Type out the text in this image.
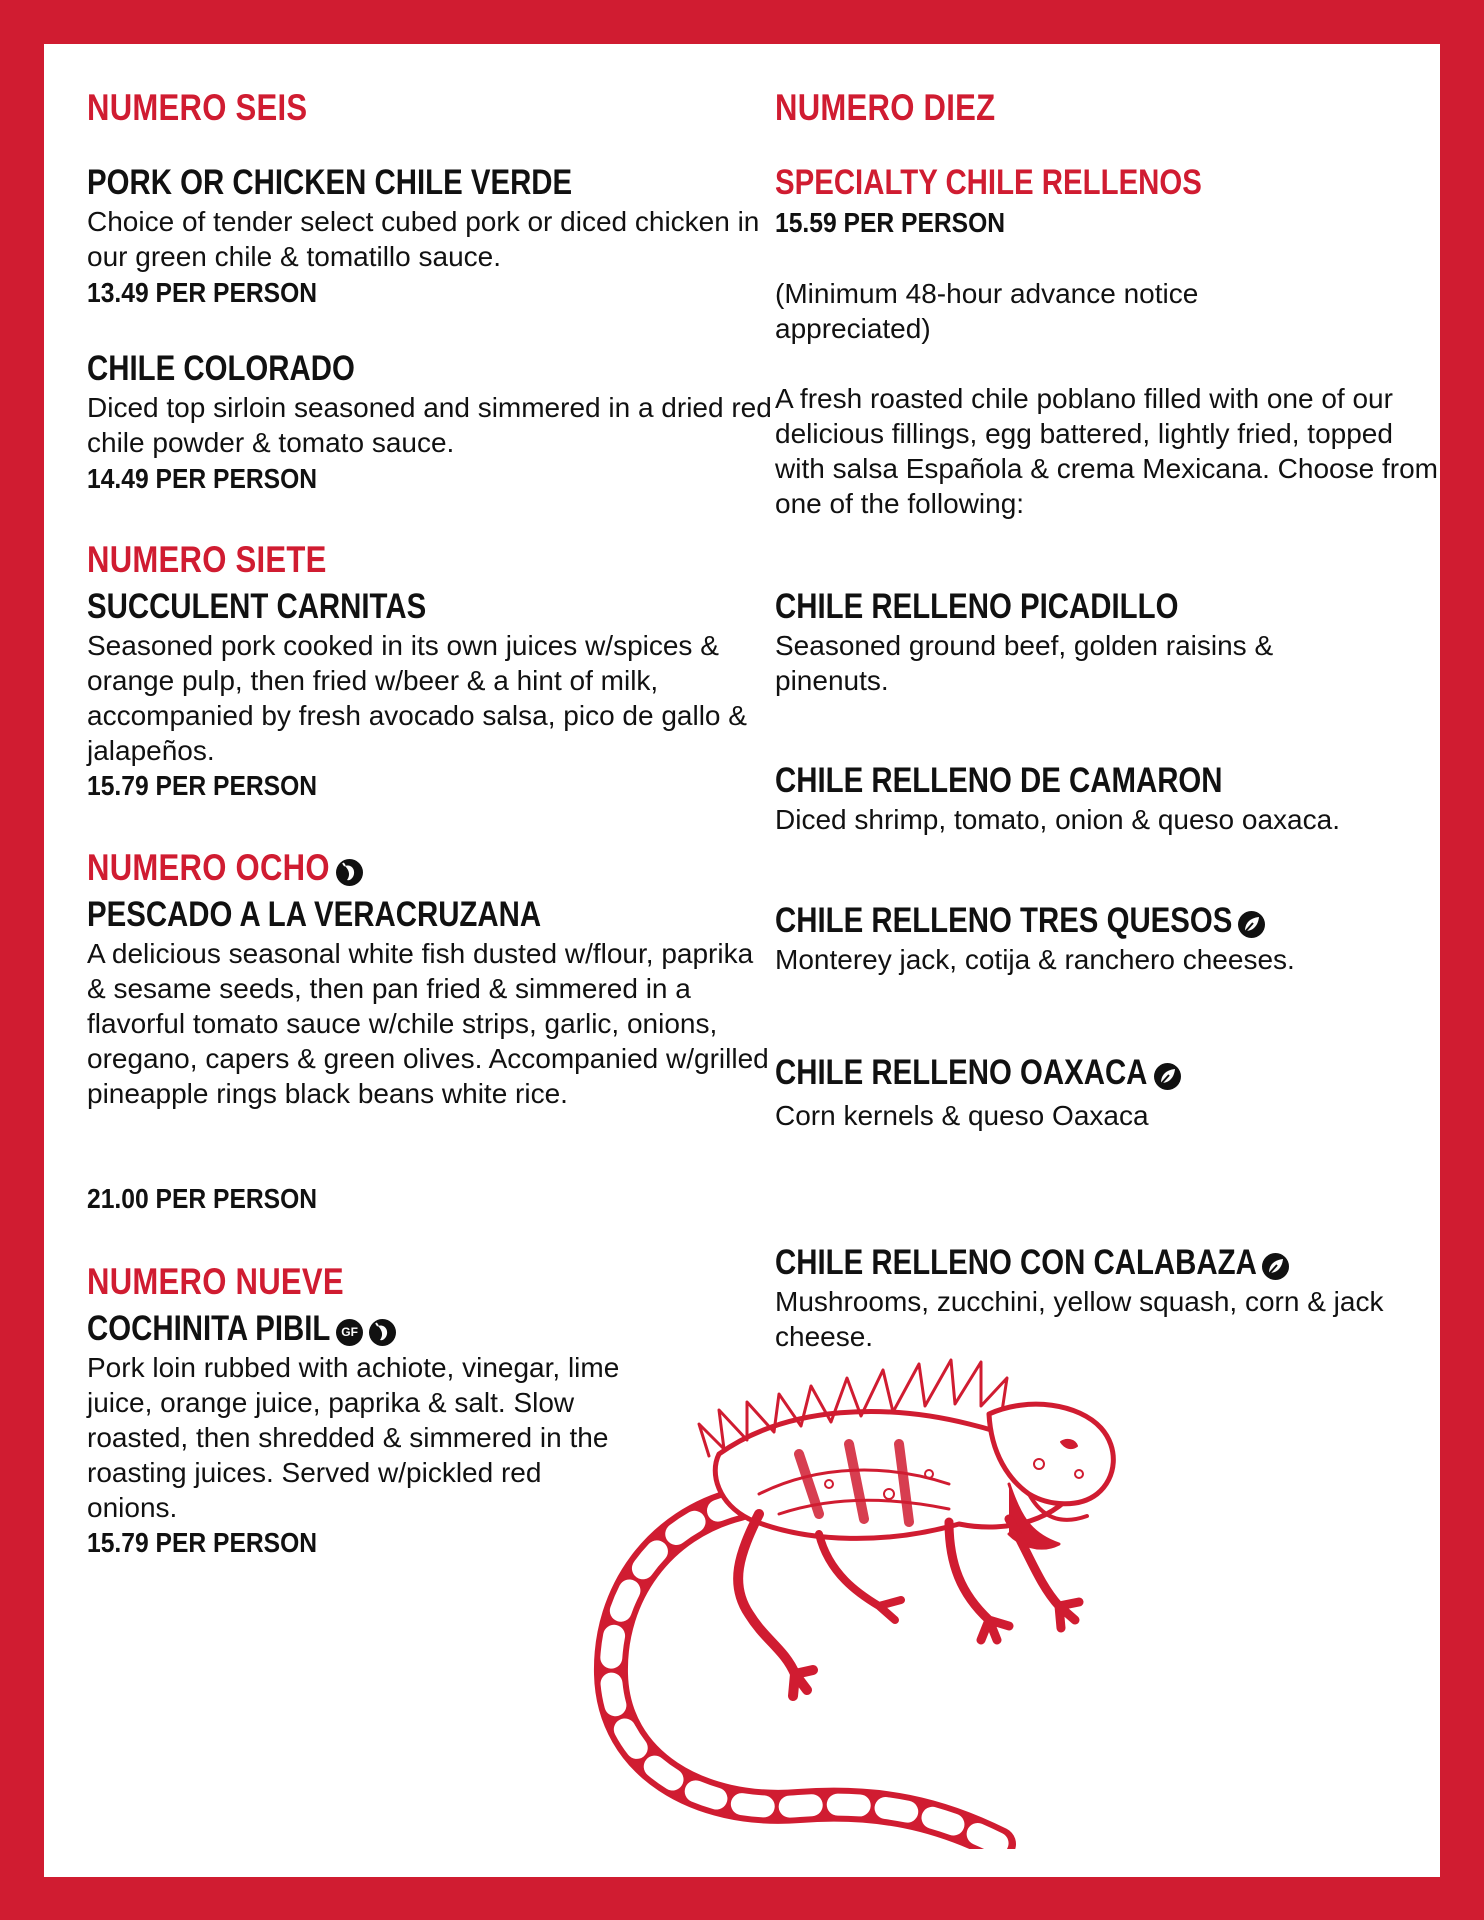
NUMERO SEIS
PORK OR CHICKEN CHILE VERDE

Choice of tender select cubed pork or diced chicken in our green chile & tomatillo sauce.

13.49 PER PERSON
CHILE COLORADO

Diced top sirloin seasoned and simmered in a dried red chile powder & tomato sauce.

14.49 PER PERSON
NUMERO SIETE
SUCCULENT CARNITAS

Seasoned pork cooked in its own juices w/spices & orange pulp, then fried w/beer & a hint of milk, accompanied by fresh avocado salsa, pico de gallo & jalapeños.

15.79 PER PERSON
NUMERO OCHO
PESCADO A LA VERACRUZANA

A delicious seasonal white fish dusted w/flour, paprika & sesame seeds, then pan fried & simmered in a flavorful tomato sauce w/chile strips, garlic, onions, oregano, capers & green olives. Accompanied w/grilled pineapple rings black beans white rice.

21.00 PER PERSON
NUMERO NUEVE
COCHINITA PIBIL GF

Pork loin rubbed with achiote, vinegar, lime juice, orange juice, paprika & salt. Slow roasted, then shredded & simmered in the roasting juices. Served w/pickled red onions.

15.79 PER PERSON
NUMERO DIEZ
SPECIALTY CHILE RELLENOS
15.59 PER PERSON

(Minimum 48-hour advance notice appreciated)

A fresh roasted chile poblano filled with one of our delicious fillings, egg battered, lightly fried, topped with salsa Española & crema Mexicana. Choose from one of the following:

CHILE RELLENO PICADILLO

Seasoned ground beef, golden raisins & pinenuts.

CHILE RELLENO DE CAMARON

Diced shrimp, tomato, onion & queso oaxaca.

CHILE RELLENO TRES QUESOS

Monterey jack, cotija & ranchero cheeses.

CHILE RELLENO OAXACA

Corn kernels & queso Oaxaca

CHILE RELLENO CON CALABAZA

Mushrooms, zucchini, yellow squash, corn & jack cheese.
